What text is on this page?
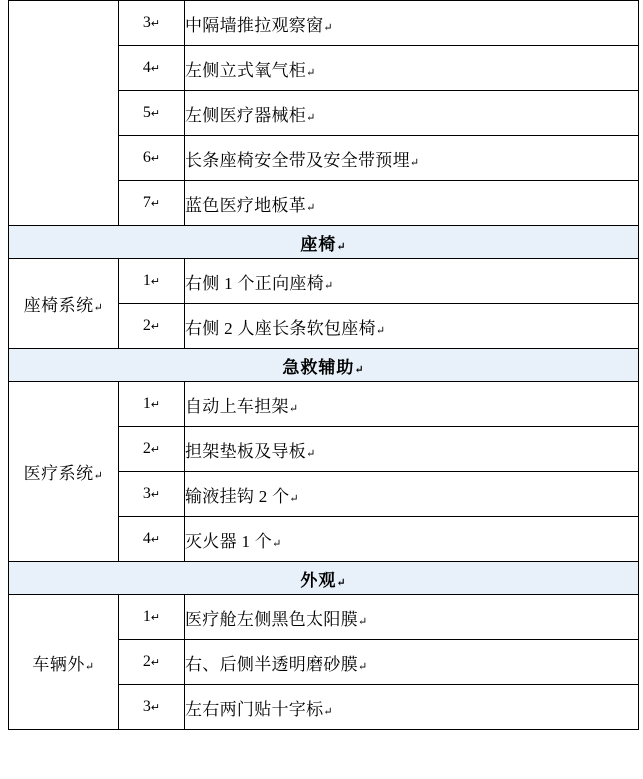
	3↵	中隔墙推拉观察窗↵
	4↵	左侧立式氧气柜↵
	5↵	左侧医疗器械柜↵
	6↵	长条座椅安全带及安全带预埋↵
	7↵	蓝色医疗地板革↵
座椅↵		
座椅系统↵	1↵	右侧 1 个正向座椅↵
	2↵	右侧 2 人座长条软包座椅↵
急救辅助↵		
医疗系统↵	1↵	自动上车担架↵
	2↵	担架垫板及导板↵
	3↵	输液挂钩 2 个↵
	4↵	灭火器 1 个↵
外观↵		
车辆外↵	1↵	医疗舱左侧黑色太阳膜↵
	2↵	右、后侧半透明磨砂膜↵
	3↵	左右两门贴十字标↵
